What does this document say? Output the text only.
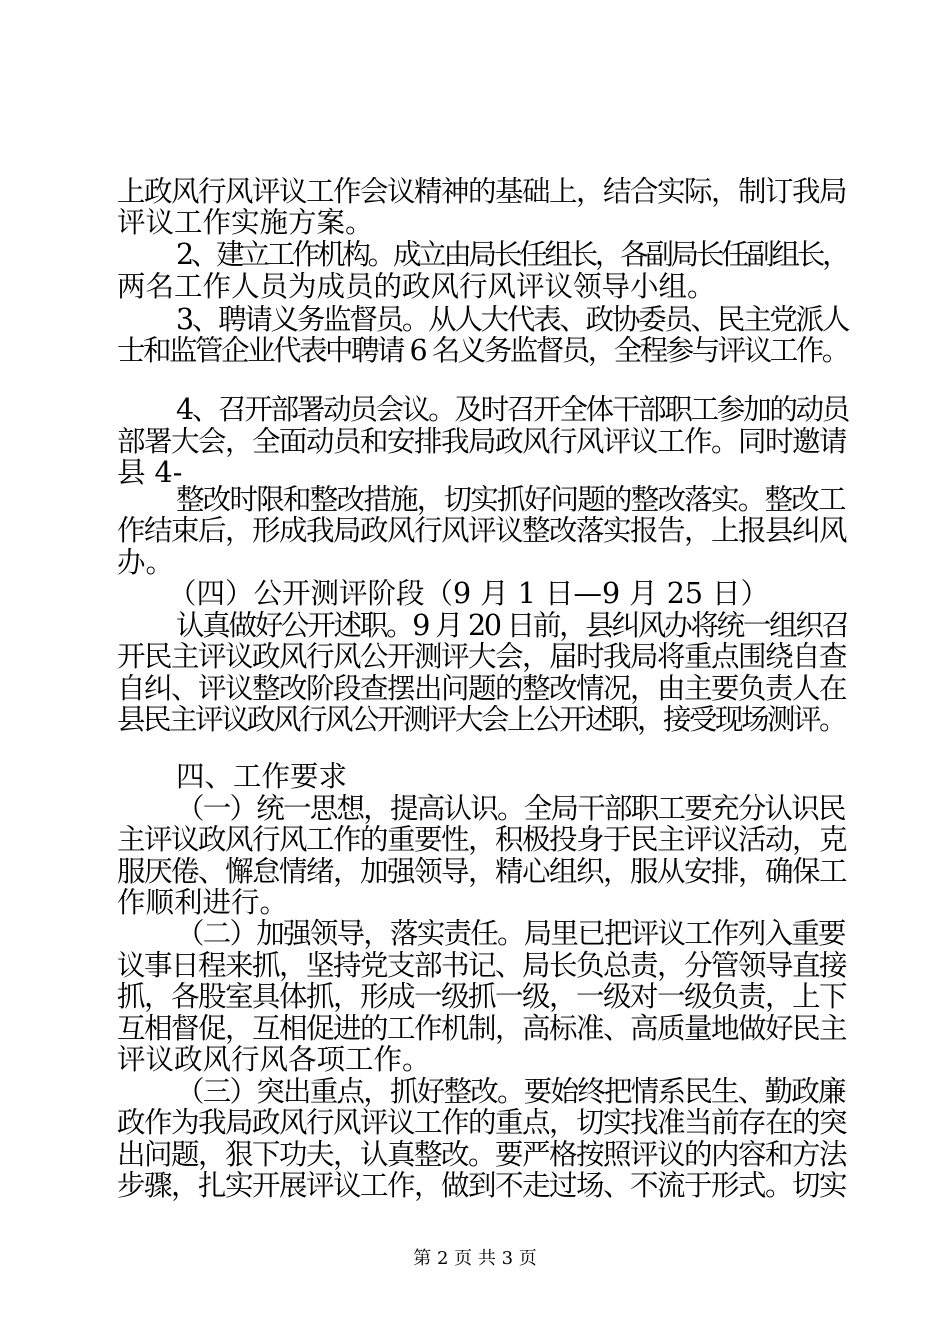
上政风行风评议工作会议精神的基础上，结合实际，制订我局

评议工作实施方案。

2、建立工作机构。成立由局长任组长，各副局长任副组长，

两名工作人员为成员的政风行风评议领导小组。

3、聘请义务监督员。从人大代表、政协委员、民主党派人

士和监管企业代表中聘请 6 名义务监督员，全程参与评议工作。

4、召开部署动员会议。及时召开全体干部职工参加的动员

部署大会，全面动员和安排我局政风行风评议工作。同时邀请

县 4-

整改时限和整改措施，切实抓好问题的整改落实。整改工

作结束后，形成我局政风行风评议整改落实报告，上报县纠风

办。

（四）公开测评阶段（9 月 1 日—9 月 25 日）

认真做好公开述职。9 月 20 日前，县纠风办将统一组织召

开民主评议政风行风公开测评大会，届时我局将重点围绕自查

自纠、评议整改阶段查摆出问题的整改情况，由主要负责人在

县民主评议政风行风公开测评大会上公开述职，接受现场测评。

四、工作要求

（一）统一思想，提高认识。全局干部职工要充分认识民

主评议政风行风工作的重要性，积极投身于民主评议活动，克

服厌倦、懈怠情绪，加强领导，精心组织，服从安排，确保工

作顺利进行。

（二）加强领导，落实责任。局里已把评议工作列入重要

议事日程来抓，坚持党支部书记、局长负总责，分管领导直接

抓，各股室具体抓，形成一级抓一级，一级对一级负责，上下

互相督促，互相促进的工作机制，高标准、高质量地做好民主

评议政风行风各项工作。

（三）突出重点，抓好整改。要始终把情系民生、勤政廉

政作为我局政风行风评议工作的重点，切实找准当前存在的突

出问题，狠下功夫，认真整改。要严格按照评议的内容和方法

步骤，扎实开展评议工作，做到不走过场、不流于形式。切实

第 2 页 共 3 页
